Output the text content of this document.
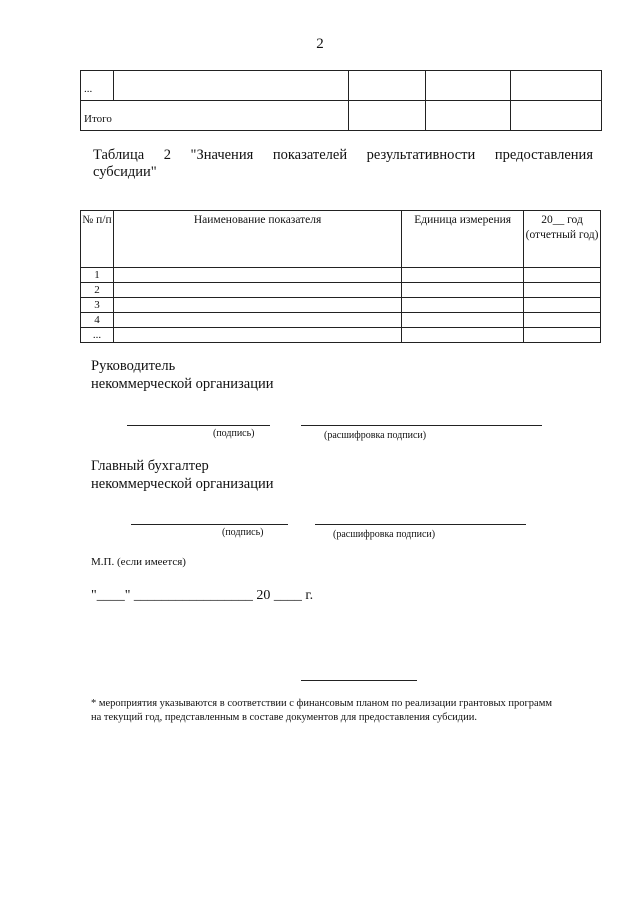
2
...				

Итого				

Таблица 2 "Значения показателей результативности предоставления
субсидии"
№ п/п	Наименование показателя	Единица измерения	20__ год (отчетный год)
1			
2			
3			
4			
...			
Руководитель
некоммерческой организации
(подпись)	(расшифровка подписи)
Главный бухгалтер
некоммерческой организации
(подпись)	(расшифровка подписи)
М.П. (если имеется)
"____" _________________ 20 ____ г.
* мероприятия указываются в соответствии с финансовым планом по реализации грантовых программ на текущий год, представленным в составе документов для предоставления субсидии.
